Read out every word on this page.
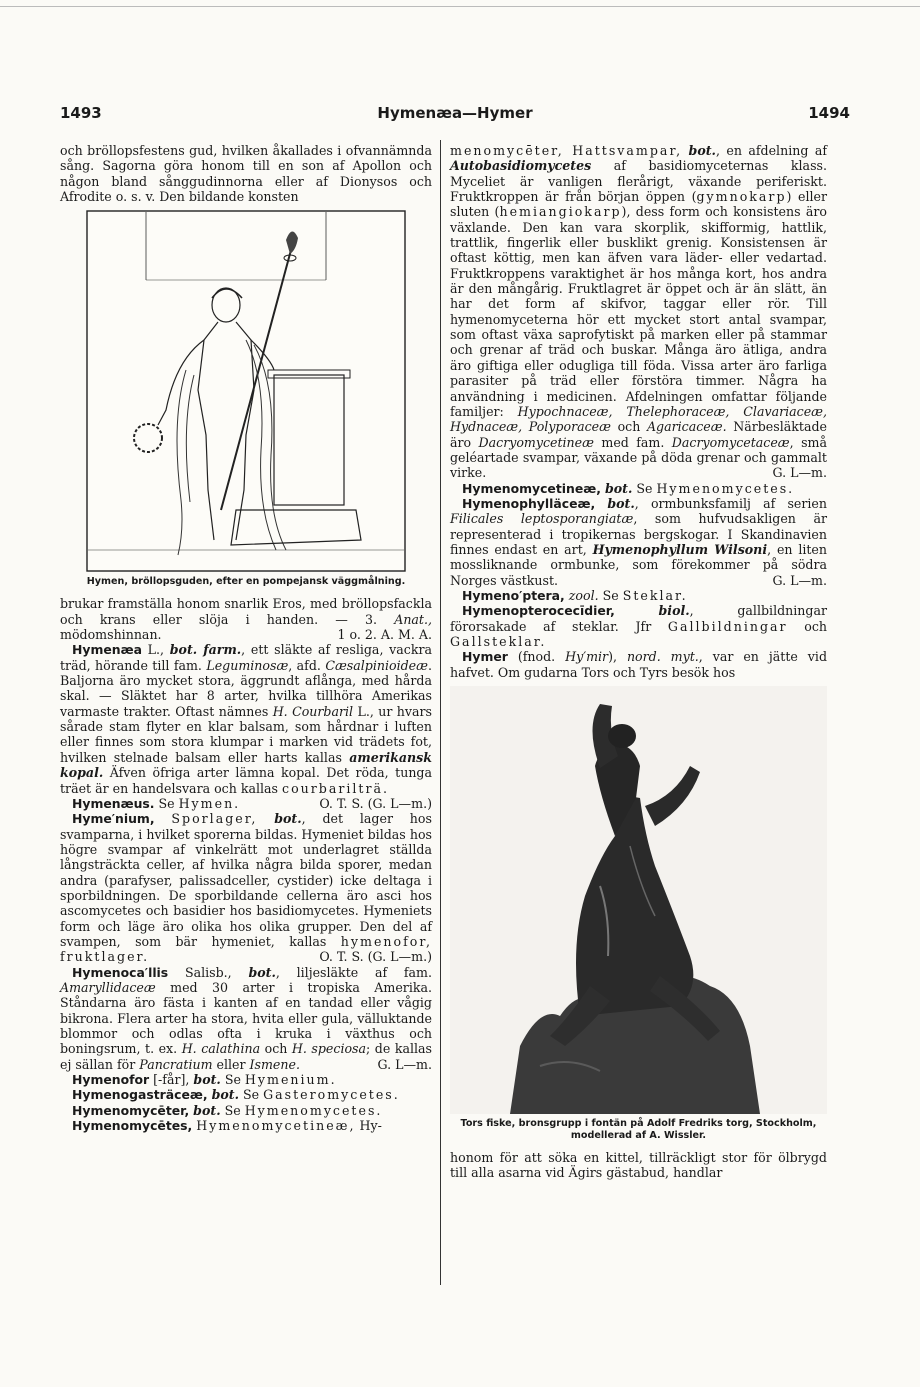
1493	Hymenæa—Hymer	1494

och bröllopsfestens gud, hvilken åkallades i ofvannämnda sång. Sagorna göra honom till en son af Apollon och någon bland sånggudinnorna eller af Dionysos och Afrodite o. s. v. Den bildande konsten

Hymen, bröllopsguden, efter en pompejansk väggmålning.

brukar framställa honom snarlik Eros, med bröllopsfackla och krans eller slöja i handen. — 3. Anat., mödomshinnan.	1 o. 2. A. M. A.

Hymenæa L., bot. farm., ett släkte af resliga, vackra träd, hörande till fam. Leguminosæ, afd. Cæsalpinioideæ. Baljorna äro mycket stora, äggrundt aflånga, med hårda skal. — Släktet har 8 arter, hvilka tillhöra Amerikas varmaste trakter. Oftast nämnes H. Courbaril L., ur hvars sårade stam flyter en klar balsam, som hårdnar i luften eller finnes som stora klumpar i marken vid trädets fot, hvilken stelnade balsam eller harts kallas amerikansk kopal. Äfven öfriga arter lämna kopal. Det röda, tunga träet är en handelsvara och kallas courbarilträ.
O. T. S. (G. L—m.)

Hymenæus. Se Hymen.

Hyme′nium, Sporlager, bot., det lager hos svamparna, i hvilket sporerna bildas. Hymeniet bildas hos högre svampar af vinkelrätt mot underlagret ställda långsträckta celler, af hvilka några bilda sporer, medan andra (parafyser, palissadceller, cystider) icke deltaga i sporbildningen. De sporbildande cellerna äro asci hos ascomycetes och basidier hos basidiomycetes. Hymeniets form och läge äro olika hos olika grupper. Den del af svampen, som bär hymeniet, kallas hymenofor, fruktlager.	O. T. S. (G. L—m.)

Hymenoca′llis Salisb., bot., liljesläkte af fam. Amaryllidaceæ med 30 arter i tropiska Amerika. Ståndarna äro fästa i kanten af en tandad eller vågig bikrona. Flera arter ha stora, hvita eller gula, välluktande blommor och odlas ofta i kruka i växthus och boningsrum, t. ex. H. calathina och H. speciosa; de kallas ej sällan för Pancratium eller Ismene.	G. L—m.

Hymenofor [-får], bot. Se Hymenium.

Hymenogasträceæ, bot. Se Gasteromycetes.

Hymenomycēter, bot. Se Hymenomycetes.

Hymenomycētes, Hymenomycetineæ, Hy-

menomycēter, Hattsvampar, bot., en afdelning af Autobasidiomycetes af basidiomyceternas klass. Myceliet är vanligen flerårigt, växande periferiskt. Fruktkroppen är från början öppen (gymnokarp) eller sluten (hemiangiokarp), dess form och konsistens äro växlande. Den kan vara skorplik, skifformig, hattlik, trattlik, fingerlik eller busklikt grenig. Konsistensen är oftast köttig, men kan äfven vara läder- eller vedartad. Fruktkroppens varaktighet är hos många kort, hos andra är den mångårig. Fruktlagret är öppet och är än slätt, än har det form af skifvor, taggar eller rör. Till hymenomyceterna hör ett mycket stort antal svampar, som oftast växa saprofytiskt på marken eller på stammar och grenar af träd och buskar. Många äro ätliga, andra äro giftiga eller odugliga till föda. Vissa arter äro farliga parasiter på träd eller förstöra timmer. Några ha användning i medicinen. Afdelningen omfattar följande familjer: Hypochnaceæ, Thelephoraceæ, Clavariaceæ, Hydnaceæ, Polyporaceæ och Agaricaceæ. Närbesläktade äro Dacryomycetineæ med fam. Dacryomycetaceæ, små geléartade svampar, växande på döda grenar och gammalt virke.	G. L—m.

Hymenomycetineæ, bot. Se Hymenomycetes.

Hymenophylläceæ, bot., ormbunksfamilj af serien Filicales leptosporangiatæ, som hufvudsakligen är representerad i tropikernas bergskogar. I Skandinavien finnes endast en art, Hymenophyllum Wilsoni, en liten mossliknande ormbunke, som förekommer på södra Norges västkust.	G. L—m.

Hymeno′ptera, zool. Se Steklar.

Hymenopterocecīdier,	biol., gallbildningar förorsakade af steklar. Jfr Gallbildningar och Gallsteklar.

Hymer (fnod. Hy′mir), nord. myt., var en jätte vid hafvet. Om gudarna Tors och Tyrs besök hos

Tors fiske, bronsgrupp i fontän på Adolf Fredriks torg, Stockholm, modellerad af A. Wissler.

honom för att söka en kittel, tillräckligt stor för ölbrygd till alla asarna vid Ägirs gästabud, handlar
